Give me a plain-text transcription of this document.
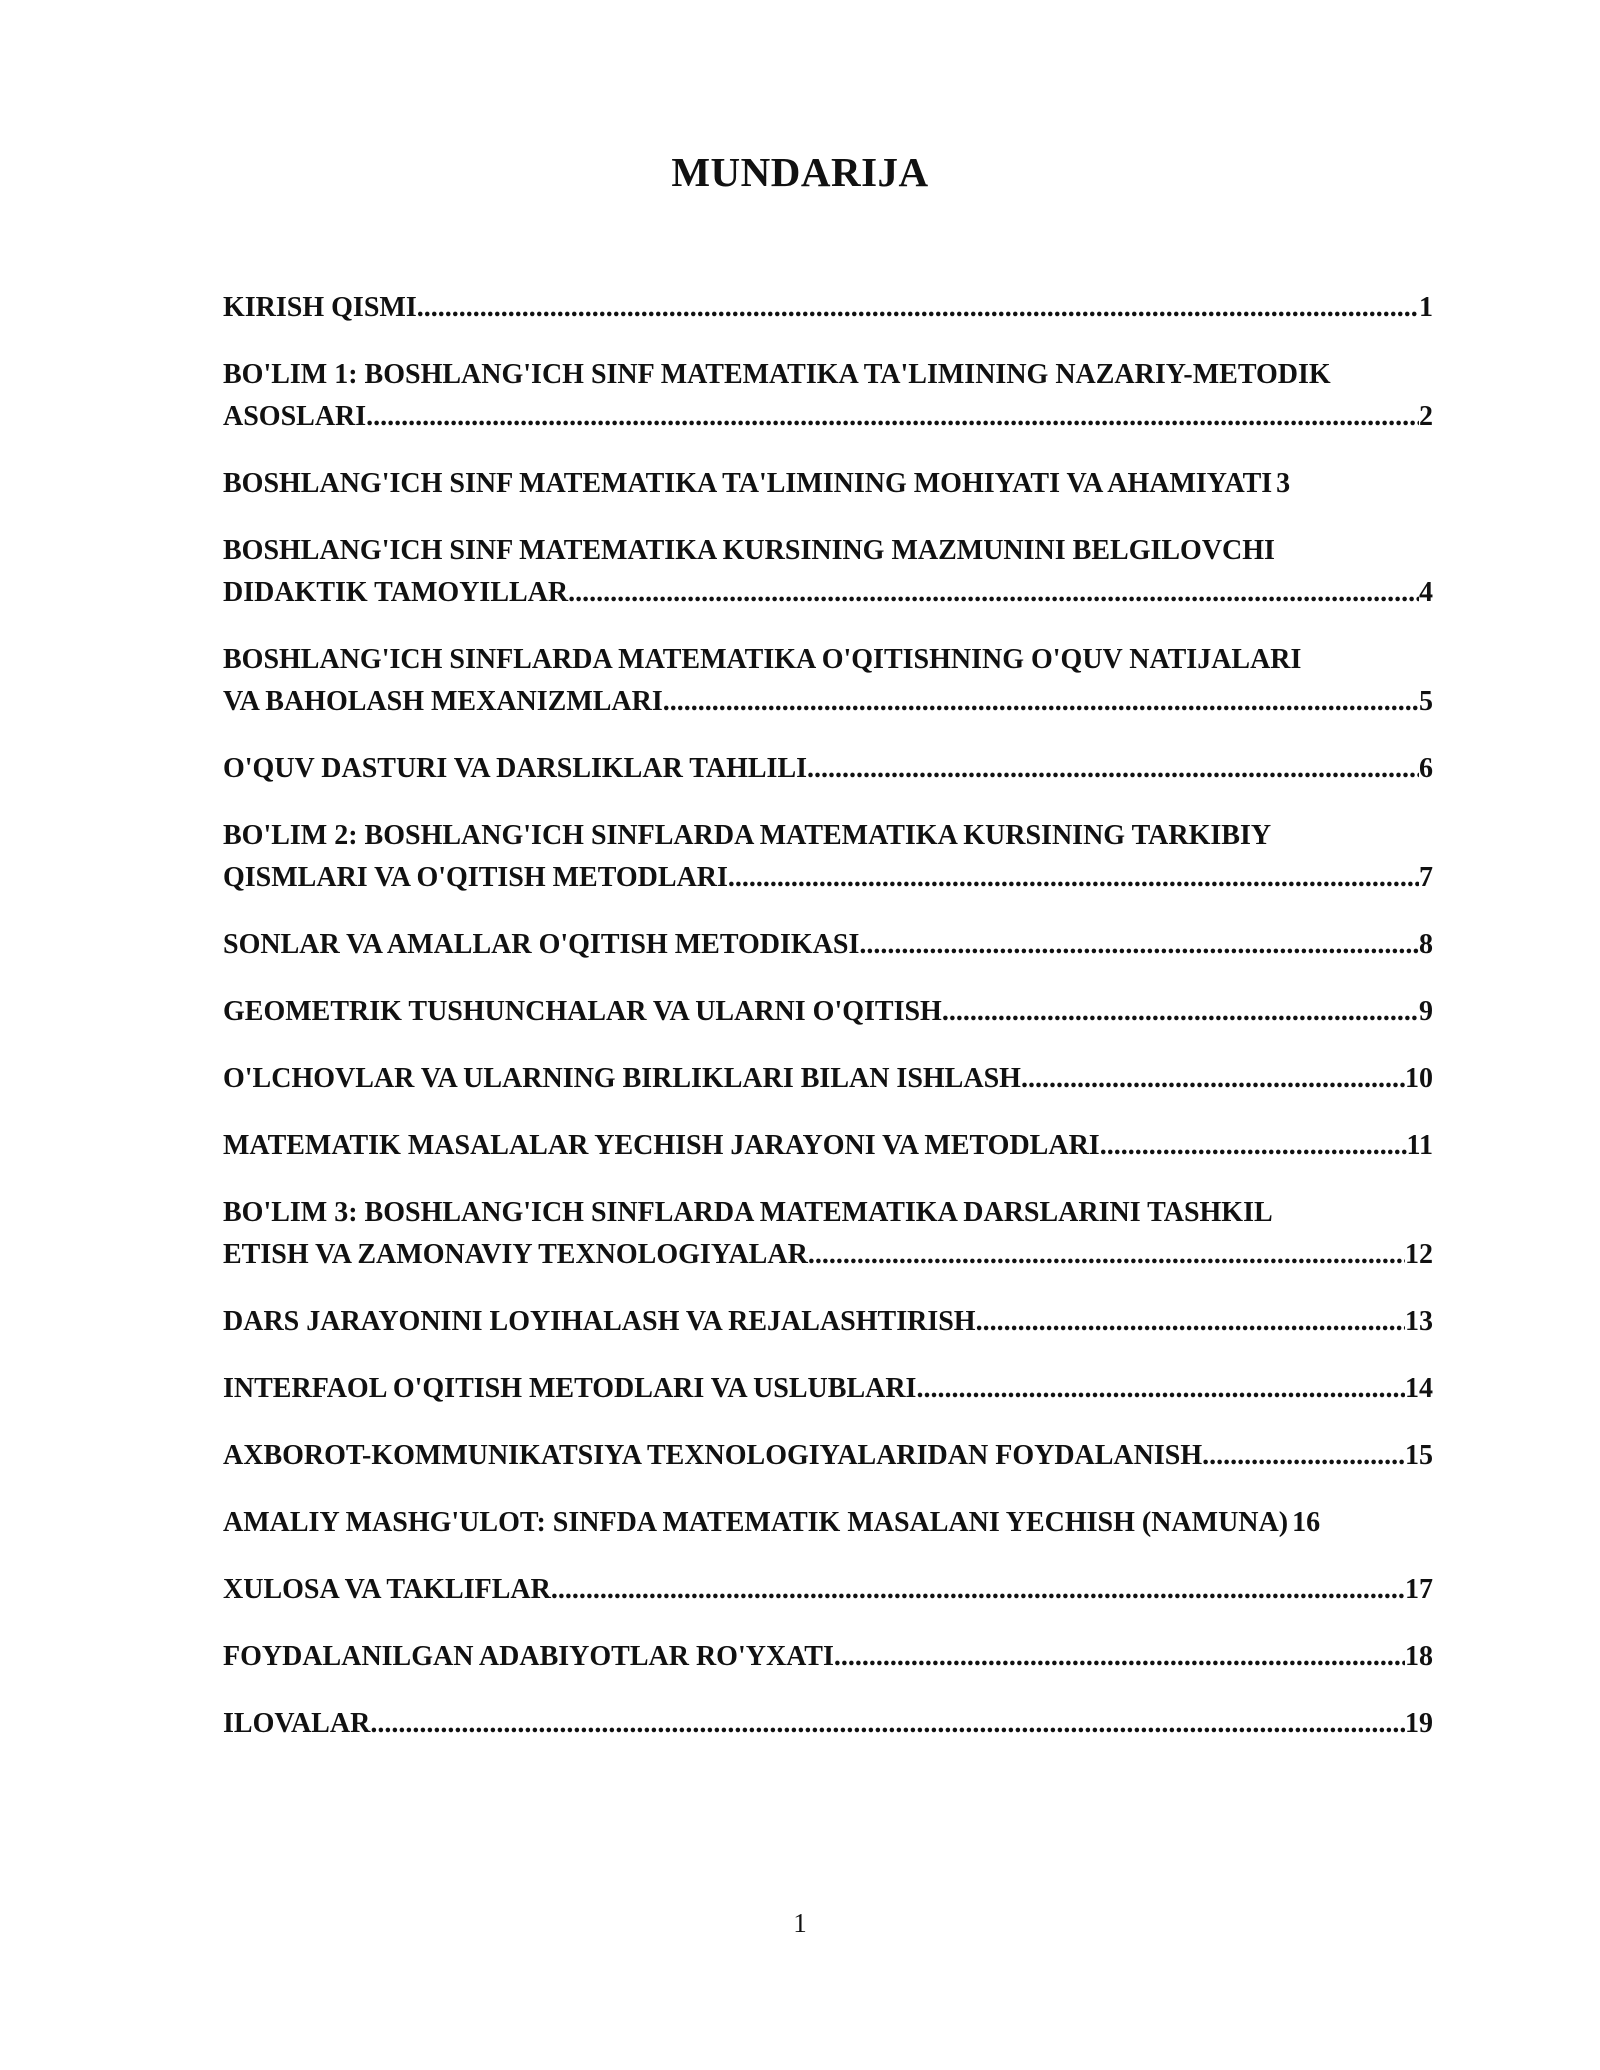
MUNDARIJA
KIRISH QISMI .....	1
BO'LIM 1: BOSHLANG'ICH SINF MATEMATIKA TA'LIMINING NAZARIY-METODIK
ASOSLARI .....	2
BOSHLANG'ICH SINF MATEMATIKA TA'LIMINING MOHIYATI VA AHAMIYATI 3
BOSHLANG'ICH SINF MATEMATIKA KURSINING MAZMUNINI BELGILOVCHI
DIDAKTIK TAMOYILLAR .....	4
BOSHLANG'ICH SINFLARDA MATEMATIKA O'QITISHNING O'QUV NATIJALARI
VA BAHOLASH MEXANIZMLARI .....	5
O'QUV DASTURI VA DARSLIKLAR TAHLILI .....	6
BO'LIM 2: BOSHLANG'ICH SINFLARDA MATEMATIKA KURSINING TARKIBIY
QISMLARI VA O'QITISH METODLARI .....	7
SONLAR VA AMALLAR O'QITISH METODIKASI .....	8
GEOMETRIK TUSHUNCHALAR VA ULARNI O'QITISH .....	9
O'LCHOVLAR VA ULARNING BIRLIKLARI BILAN ISHLASH .....	10
MATEMATIK MASALALAR YECHISH JARAYONI VA METODLARI .....	11
BO'LIM 3: BOSHLANG'ICH SINFLARDA MATEMATIKA DARSLARINI TASHKIL
ETISH VA ZAMONAVIY TEXNOLOGIYALAR .....	12
DARS JARAYONINI LOYIHALASH VA REJALASHTIRISH .....	13
INTERFAOL O'QITISH METODLARI VA USLUBLARI .....	14
AXBOROT-KOMMUNIKATSIYA TEXNOLOGIYALARIDAN FOYDALANISH .....	15
AMALIY MASHG'ULOT: SINFDA MATEMATIK MASALANI YECHISH (NAMUNA) 16
XULOSA VA TAKLIFLAR .....	17
FOYDALANILGAN ADABIYOTLAR RO'YXATI .....	18
ILOVALAR .....	19
1
